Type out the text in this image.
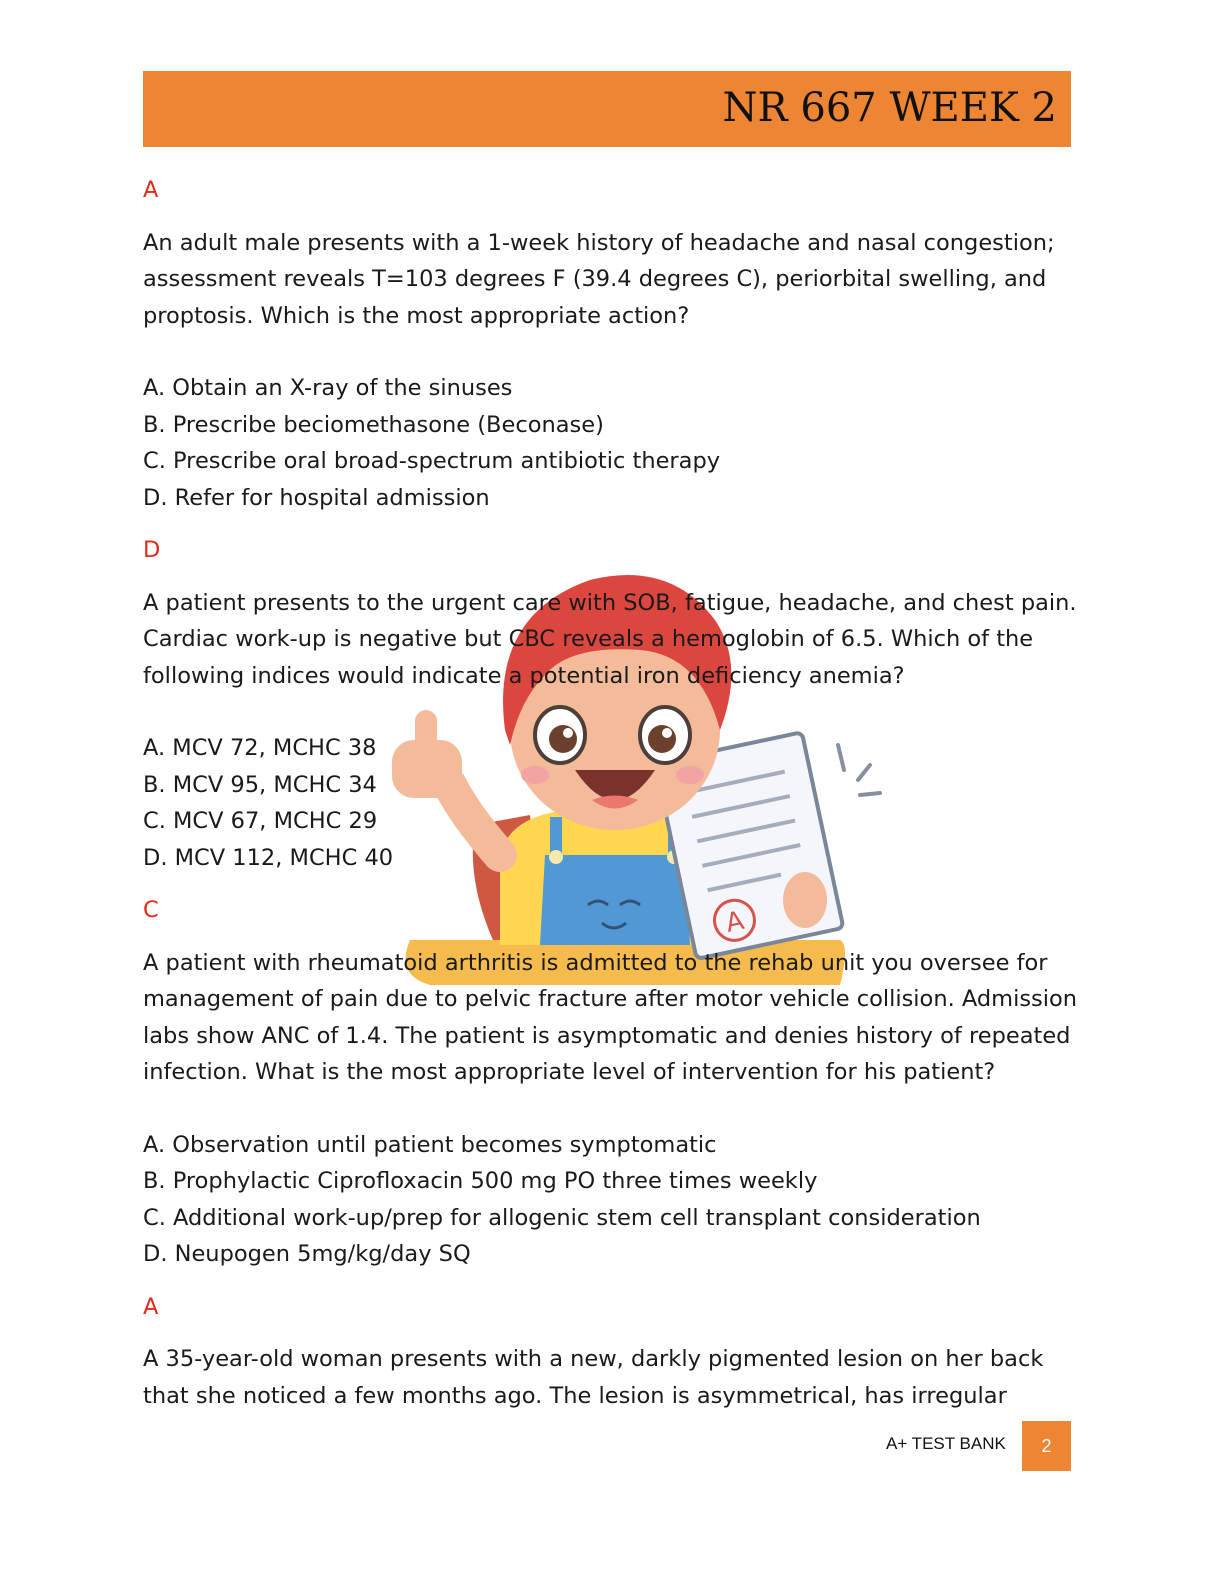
NR 667 WEEK 2
A

A

An adult male presents with a 1-week history of headache and nasal congestion; assessment reveals T=103 degrees F (39.4 degrees C), periorbital swelling, and proptosis. Which is the most appropriate action?

A. Obtain an X-ray of the sinuses
B. Prescribe beciomethasone (Beconase)
C. Prescribe oral broad-spectrum antibiotic therapy
D. Refer for hospital admission

D

A patient presents to the urgent care with SOB, fatigue, headache, and chest pain. Cardiac work-up is negative but CBC reveals a hemoglobin of 6.5. Which of the following indices would indicate a potential iron deficiency anemia?

A. MCV 72, MCHC 38
B. MCV 95, MCHC 34
C. MCV 67, MCHC 29
D. MCV 112, MCHC 40

C

A patient with rheumatoid arthritis is admitted to the rehab unit you oversee for management of pain due to pelvic fracture after motor vehicle collision. Admission labs show ANC of 1.4. The patient is asymptomatic and denies history of repeated infection. What is the most appropriate level of intervention for his patient?

A. Observation until patient becomes symptomatic
B. Prophylactic Ciprofloxacin 500 mg PO three times weekly
C. Additional work-up/prep for allogenic stem cell transplant consideration
D. Neupogen 5mg/kg/day SQ

A

A 35-year-old woman presents with a new, darkly pigmented lesion on her back that she noticed a few months ago. The lesion is asymmetrical, has irregular

A+ TEST BANK	2
